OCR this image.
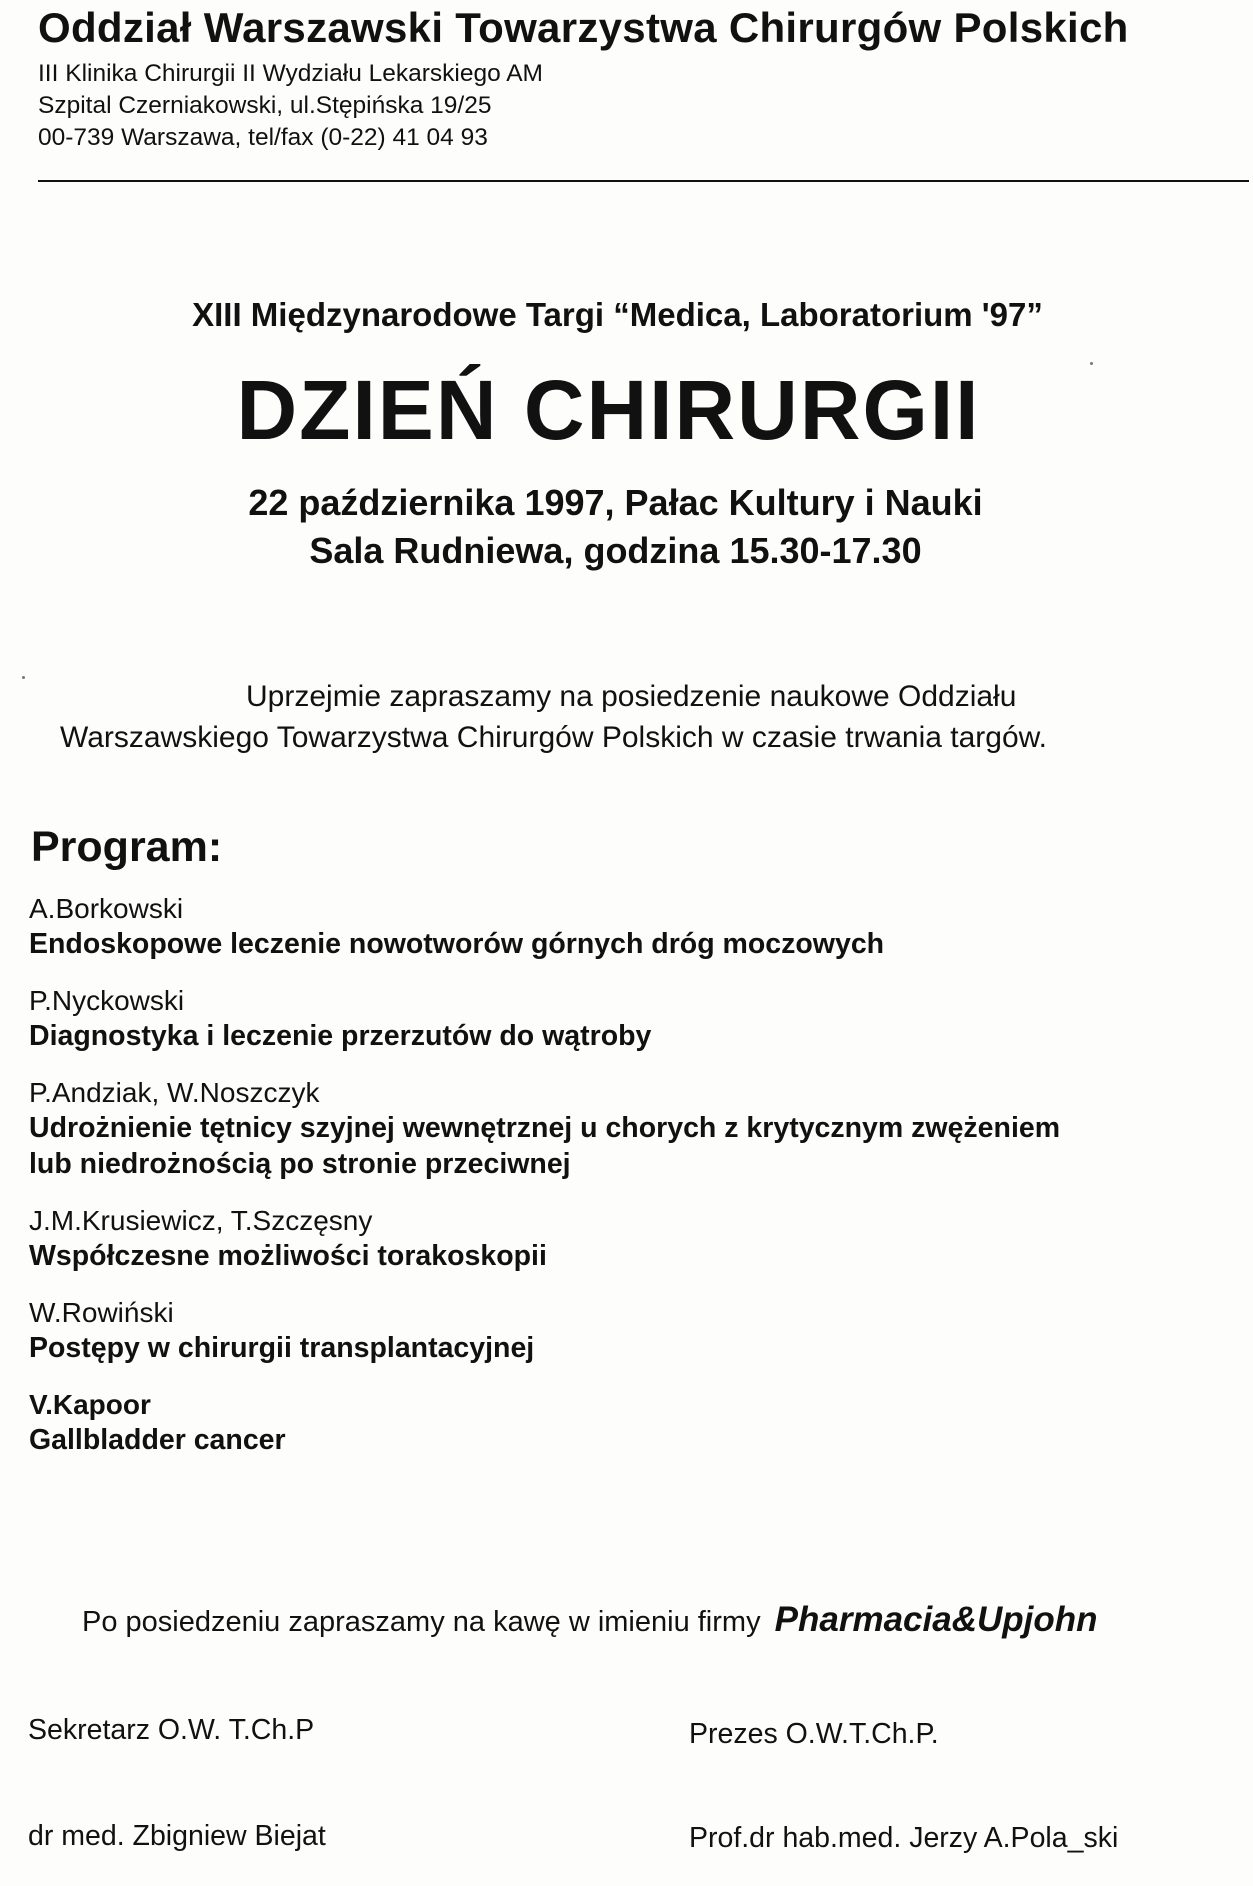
Oddział Warszawski Towarzystwa Chirurgów Polskich
III Klinika Chirurgii II Wydziału Lekarskiego AM
Szpital Czerniakowski, ul.Stępińska 19/25
00-739 Warszawa, tel/fax (0-22) 41 04 93
XIII Międzynarodowe Targi “Medica, Laboratorium '97”
DZIEŃ CHIRURGII
22 października 1997, Pałac Kultury i Nauki
Sala Rudniewa, godzina 15.30-17.30
Uprzejmie zapraszamy na posiedzenie naukowe Oddziału
Warszawskiego Towarzystwa Chirurgów Polskich w czasie trwania targów.
Program:
A.Borkowski
Endoskopowe leczenie nowotworów górnych dróg moczowych
P.Nyckowski
Diagnostyka i leczenie przerzutów do wątroby
P.Andziak, W.Noszczyk
Udrożnienie tętnicy szyjnej wewnętrznej u chorych z krytycznym zwężeniem
lub niedrożnością po stronie przeciwnej
J.M.Krusiewicz, T.Szczęsny
Współczesne możliwości torakoskopii
W.Rowiński
Postępy w chirurgii transplantacyjnej
V.Kapoor
Gallbladder cancer
Po posiedzeniu zapraszamy na kawę w imieniu firmy Pharmacia&Upjohn
Sekretarz O.W. T.Ch.P	Prezes O.W.T.Ch.P.
dr med. Zbigniew Biejat	Prof.dr hab.med. Jerzy A.Pola_ski
